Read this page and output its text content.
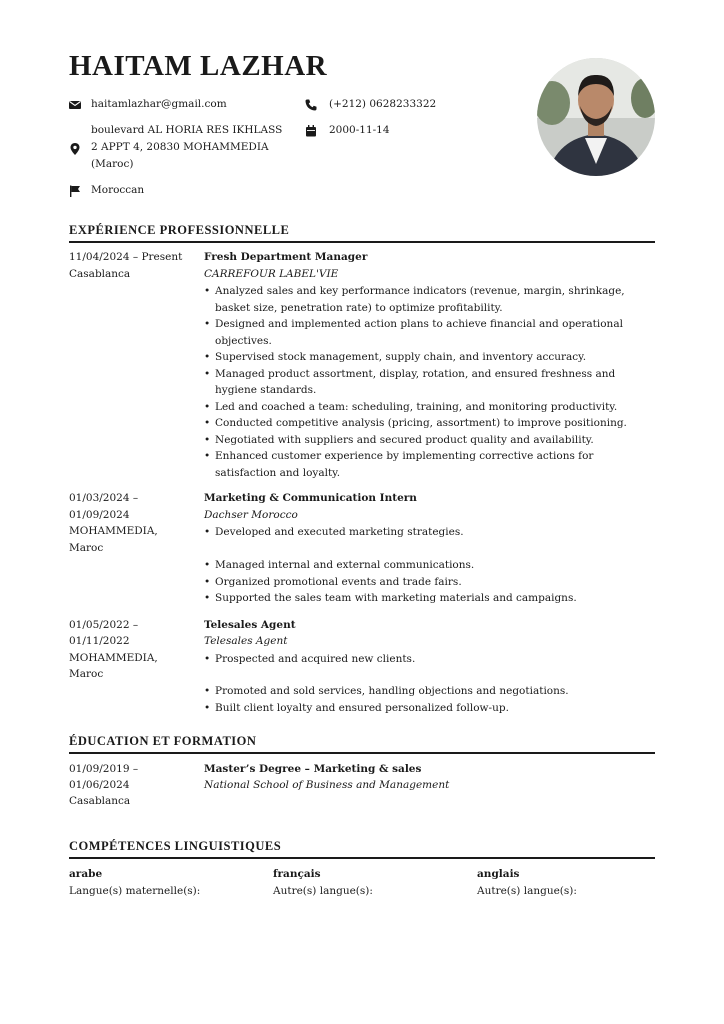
HAITAM LAZHAR
haitamlazhar@gmail.com
boulevard AL HORIA RES IKHLASS
2 APPT 4, 20830 MOHAMMEDIA
(Maroc)
Moroccan
(+212) 0628233322
2000-11-14
EXPÉRIENCE PROFESSIONNELLE
11/04/2024 – Present
Casablanca
Fresh Department Manager
CARREFOUR LABEL'VIE
• Analyzed sales and key performance indicators (revenue, margin, shrinkage, basket size, penetration rate) to optimize profitability.
• Designed and implemented action plans to achieve financial and operational objectives.
• Supervised stock management, supply chain, and inventory accuracy.
• Managed product assortment, display, rotation, and ensured freshness and hygiene standards.
• Led and coached a team: scheduling, training, and monitoring productivity.
• Conducted competitive analysis (pricing, assortment) to improve positioning.
• Negotiated with suppliers and secured product quality and availability.
• Enhanced customer experience by implementing corrective actions for satisfaction and loyalty.
01/03/2024 –
01/09/2024
MOHAMMEDIA,
Maroc
Marketing & Communication Intern
Dachser Morocco
• Developed and executed marketing strategies.
• Managed internal and external communications.
• Organized promotional events and trade fairs.
• Supported the sales team with marketing materials and campaigns.
01/05/2022 –
01/11/2022
MOHAMMEDIA,
Maroc
Telesales Agent
Telesales Agent
• Prospected and acquired new clients.
• Promoted and sold services, handling objections and negotiations.
• Built client loyalty and ensured personalized follow-up.
ÉDUCATION ET FORMATION
01/09/2019 –
01/06/2024
Casablanca
Master’s Degree – Marketing & sales
National School of Business and Management
COMPÉTENCES LINGUISTIQUES
arabe
Langue(s) maternelle(s):
français
Autre(s) langue(s):
anglais
Autre(s) langue(s):
